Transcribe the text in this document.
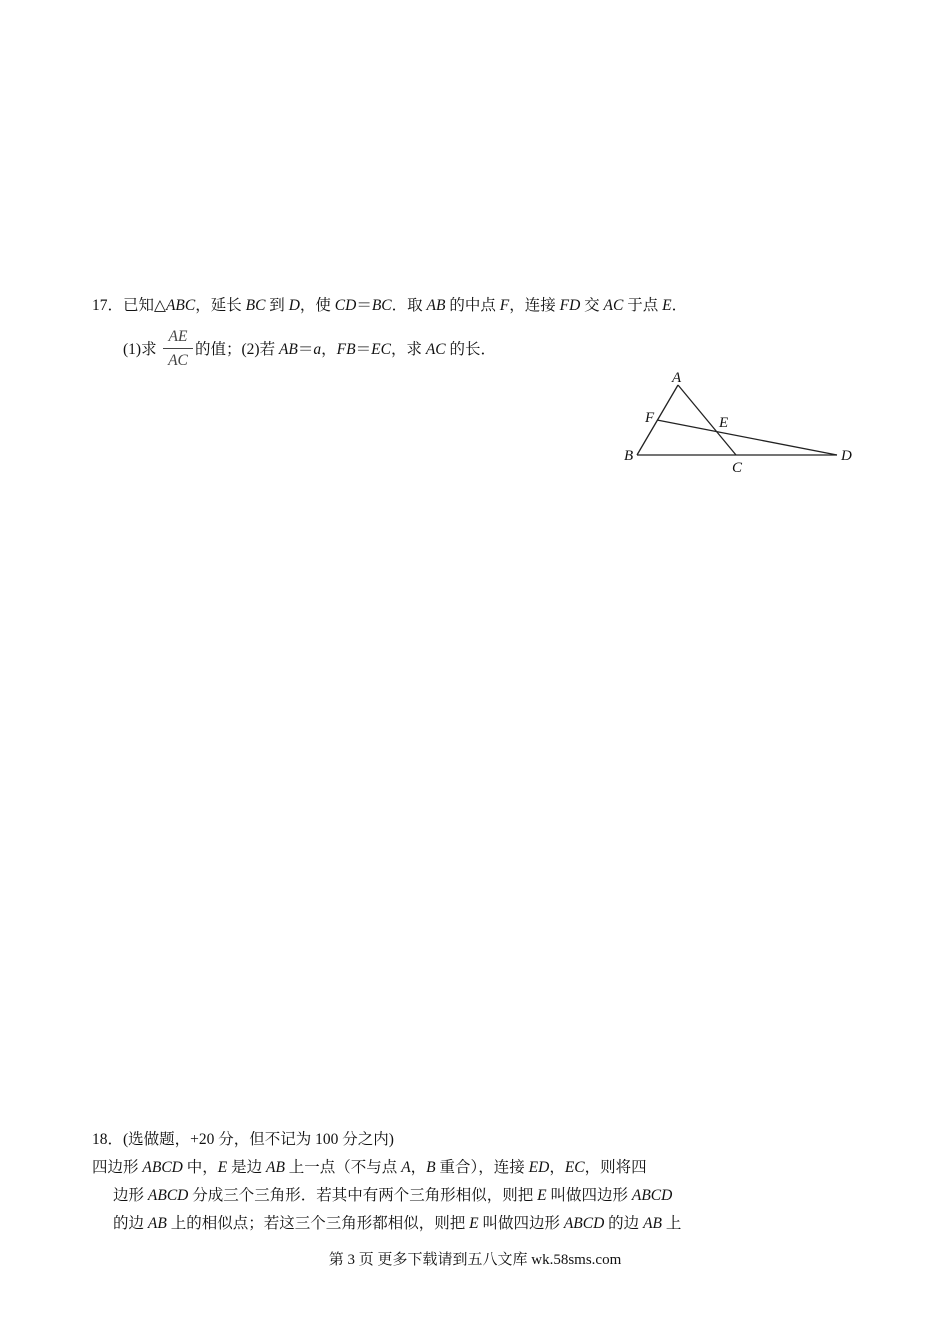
17．已知△ABC，延长 BC 到 D，使 CD＝BC．取 AB 的中点 F，连接 FD 交 AC 于点 E．
(1)求 $\frac{AE}{AC}$ 的值；(2)若 AB＝a，FB＝EC，求 AC 的长．
A
F	E
B
C
D
18．(选做题，+20 分，但不记为 100 分之内)
四边形 ABCD 中，E 是边 AB 上一点（不与点 A，B 重合），连接 ED，EC，则将四
边形 ABCD 分成三个三角形．若其中有两个三角形相似，则把 E 叫做四边形 ABCD
的边 AB 上的相似点；若这三个三角形都相似，则把 E 叫做四边形 ABCD 的边 AB 上
第 3 页 更多下载请到五八文库 wk.58sms.com
